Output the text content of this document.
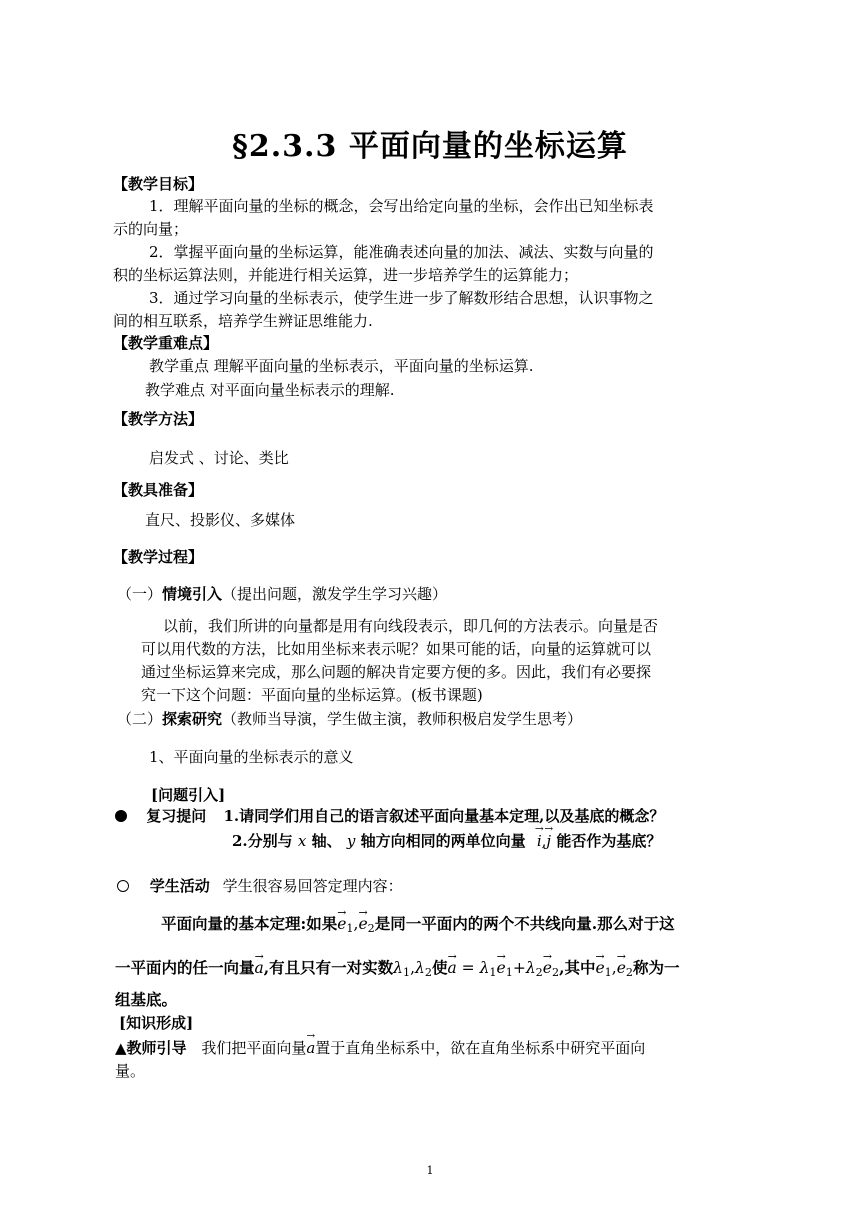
§2.3.3 平面向量的坐标运算
【教学目标】
1．理解平面向量的坐标的概念，会写出给定向量的坐标，会作出已知坐标表
示的向量；
2．掌握平面向量的坐标运算，能准确表述向量的加法、减法、实数与向量的
积的坐标运算法则，并能进行相关运算，进一步培养学生的运算能力；
3．通过学习向量的坐标表示，使学生进一步了解数形结合思想，认识事物之
间的相互联系，培养学生辨证思维能力.
【教学重难点】
教学重点 理解平面向量的坐标表示，平面向量的坐标运算.
教学难点 对平面向量坐标表示的理解.
【教学方法】
启发式 、讨论、类比
【教具准备】
直尺、投影仪、多媒体
【教学过程】
（一）情境引入（提出问题，激发学生学习兴趣）
以前，我们所讲的向量都是用有向线段表示，即几何的方法表示。向量是否
可以用代数的方法，比如用坐标来表示呢？如果可能的话，向量的运算就可以
通过坐标运算来完成，那么问题的解决肯定要方便的多。因此，我们有必要探
究一下这个问题：平面向量的坐标运算。(板书课题)
（二）探索研究（教师当导演，学生做主演，教师积极启发学生思考）
1、平面向量的坐标表示的意义
[问题引入]
复习提问 1.请同学们用自己的语言叙述平面向量基本定理,以及基底的概念？
2.分别与 x 轴、 y 轴方向相同的两单位向量 → i,→ j 能否作为基底？
学生活动 学生很容易回答定理内容：
平面向量的基本定理:如果→ $e_1,\to e_2$是同一平面内的两个不共线向量.那么对于这
一平面内的任一向量→ a,有且只有一对实数$\lambda_1,\lambda_2$使→ $a = \lambda_1\to e_1+\lambda_2\to e_2$,其中→ $e_1,\to e_2$称为一
组基底。
[知识形成]
▲教师引导 我们把平面向量→ a置于直角坐标系中，欲在直角坐标系中研究平面向
量。
1
